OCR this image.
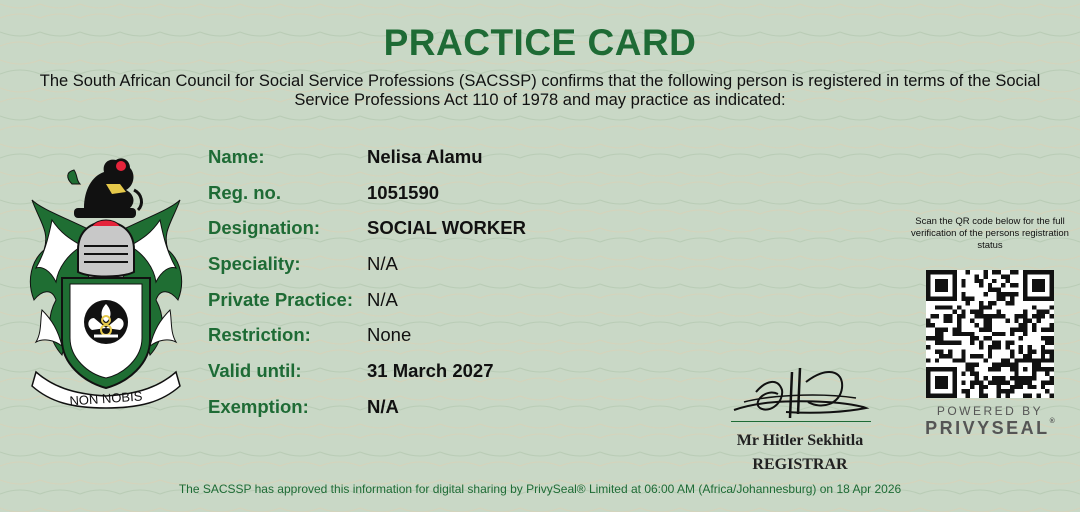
PRACTICE CARD
The South African Council for Social Service Professions (SACSSP) confirms that the following person is registered in terms of the Social Service Professions Act 110 of 1978 and may practice as indicated:
NON NOBIS
Name:	Nelisa Alamu
Reg. no.	1051590
Designation:	SOCIAL WORKER
Speciality:	N/A
Private Practice: N/A
Restriction:	None
Valid until:	31 March 2027
Exemption:	N/A
Mr Hitler Sekhitla
REGISTRAR
Scan the QR code below for the full verification of the persons registration status
POWERED BY
PRIVYSEAL®
The SACSSP has approved this information for digital sharing by PrivySeal® Limited at 06:00 AM (Africa/Johannesburg) on 18 Apr 2026
